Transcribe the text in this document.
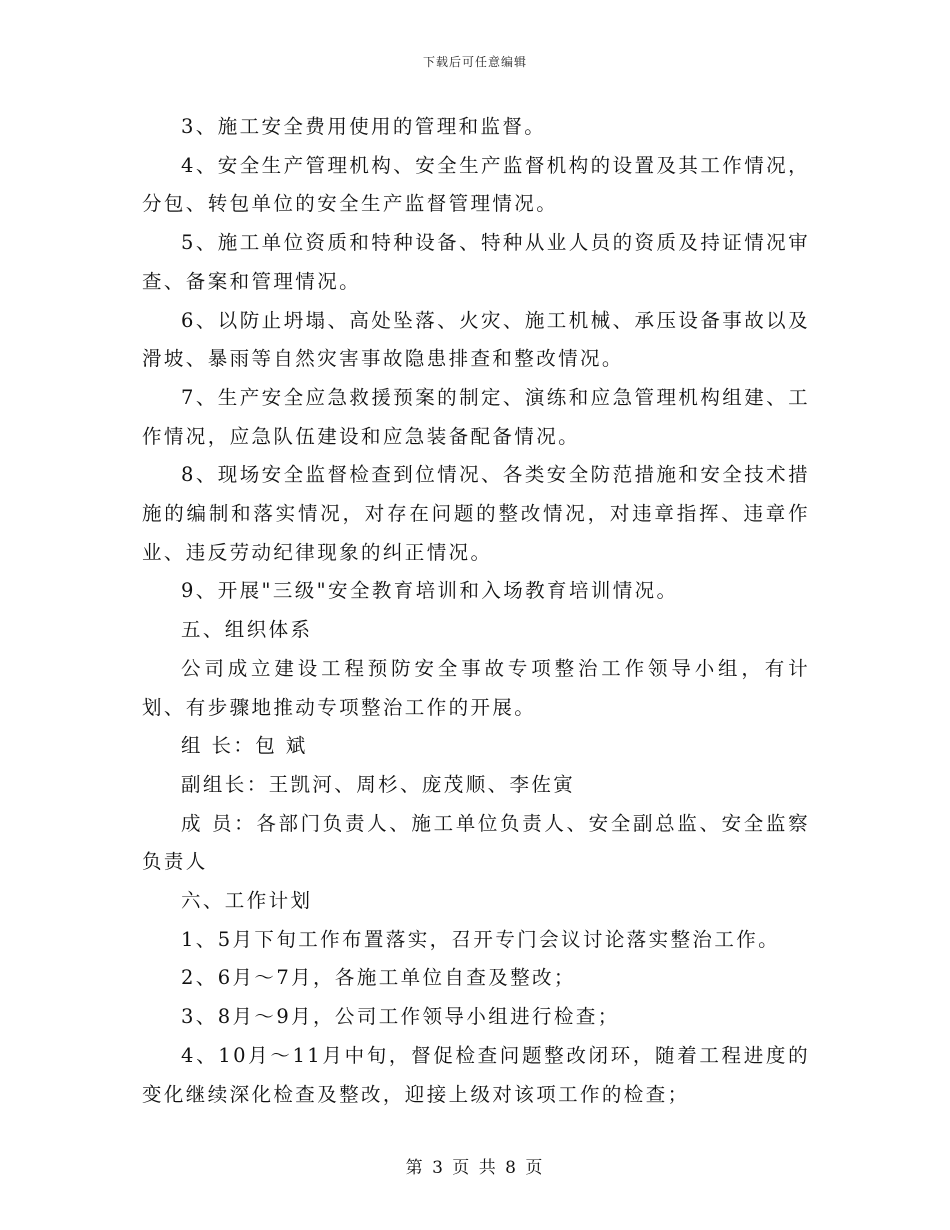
下载后可任意编辑

3、施工安全费用使用的管理和监督。

4、安全生产管理机构、安全生产监督机构的设置及其工作情况，分包、转包单位的安全生产监督管理情况。

5、施工单位资质和特种设备、特种从业人员的资质及持证情况审查、备案和管理情况。

6、以防止坍塌、高处坠落、火灾、施工机械、承压设备事故以及滑坡、暴雨等自然灾害事故隐患排查和整改情况。

7、生产安全应急救援预案的制定、演练和应急管理机构组建、工作情况，应急队伍建设和应急装备配备情况。

8、现场安全监督检查到位情况、各类安全防范措施和安全技术措施的编制和落实情况，对存在问题的整改情况，对违章指挥、违章作业、违反劳动纪律现象的纠正情况。

9、开展"三级"安全教育培训和入场教育培训情况。

五、组织体系

公司成立建设工程预防安全事故专项整治工作领导小组，有计划、有步骤地推动专项整治工作的开展。

组 长：包 斌

副组长：王凯河、周杉、庞茂顺、李佐寅

成 员：各部门负责人、施工单位负责人、安全副总监、安全监察负责人

六、工作计划

1、5月下旬工作布置落实，召开专门会议讨论落实整治工作。

2、6月～7月，各施工单位自查及整改；

3、8月～9月，公司工作领导小组进行检查；

4、10月～11月中旬，督促检查问题整改闭环，随着工程进度的变化继续深化检查及整改，迎接上级对该项工作的检查；

第 3 页 共 8 页
